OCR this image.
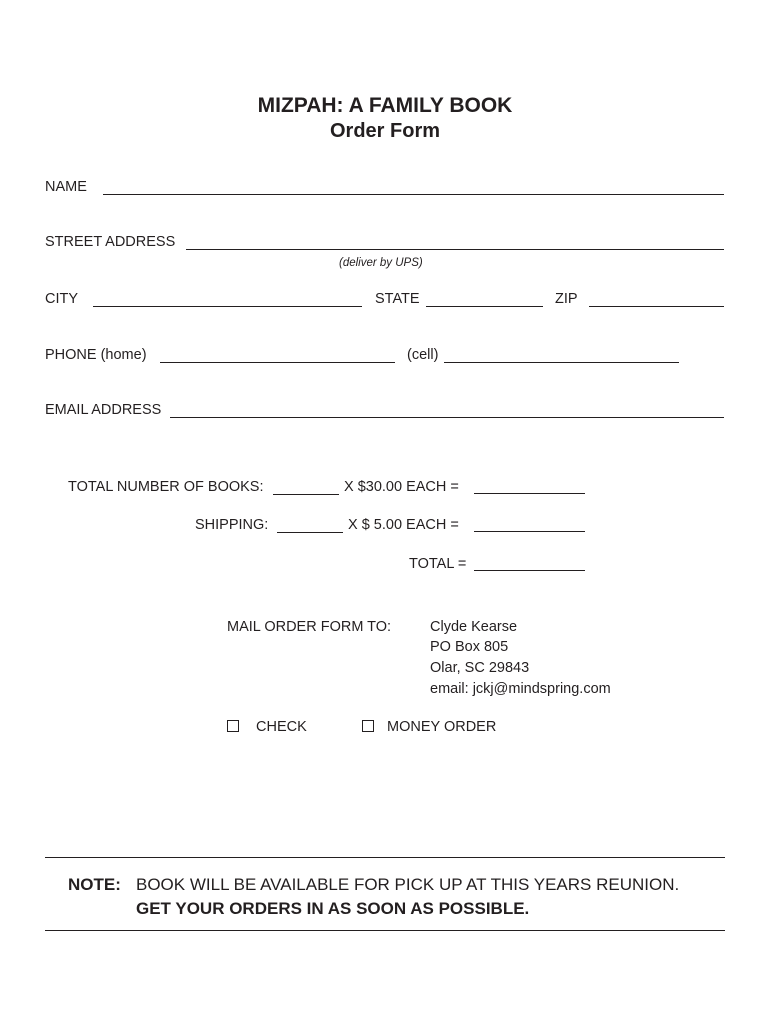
MIZPAH: A FAMILY BOOK
Order Form
NAME
STREET ADDRESS
(deliver by UPS)
CITY	STATE	ZIP
PHONE (home)	(cell)
EMAIL ADDRESS
TOTAL NUMBER OF BOOKS:	X $30.00 EACH =
SHIPPING:	X $ 5.00 EACH =
TOTAL =
MAIL ORDER FORM TO:	Clyde Kearse
PO Box 805
Olar, SC 29843
email: jckj@mindspring.com
CHECK	MONEY ORDER
NOTE: BOOK WILL BE AVAILABLE FOR PICK UP AT THIS YEARS REUNION.
GET YOUR ORDERS IN AS SOON AS POSSIBLE.
